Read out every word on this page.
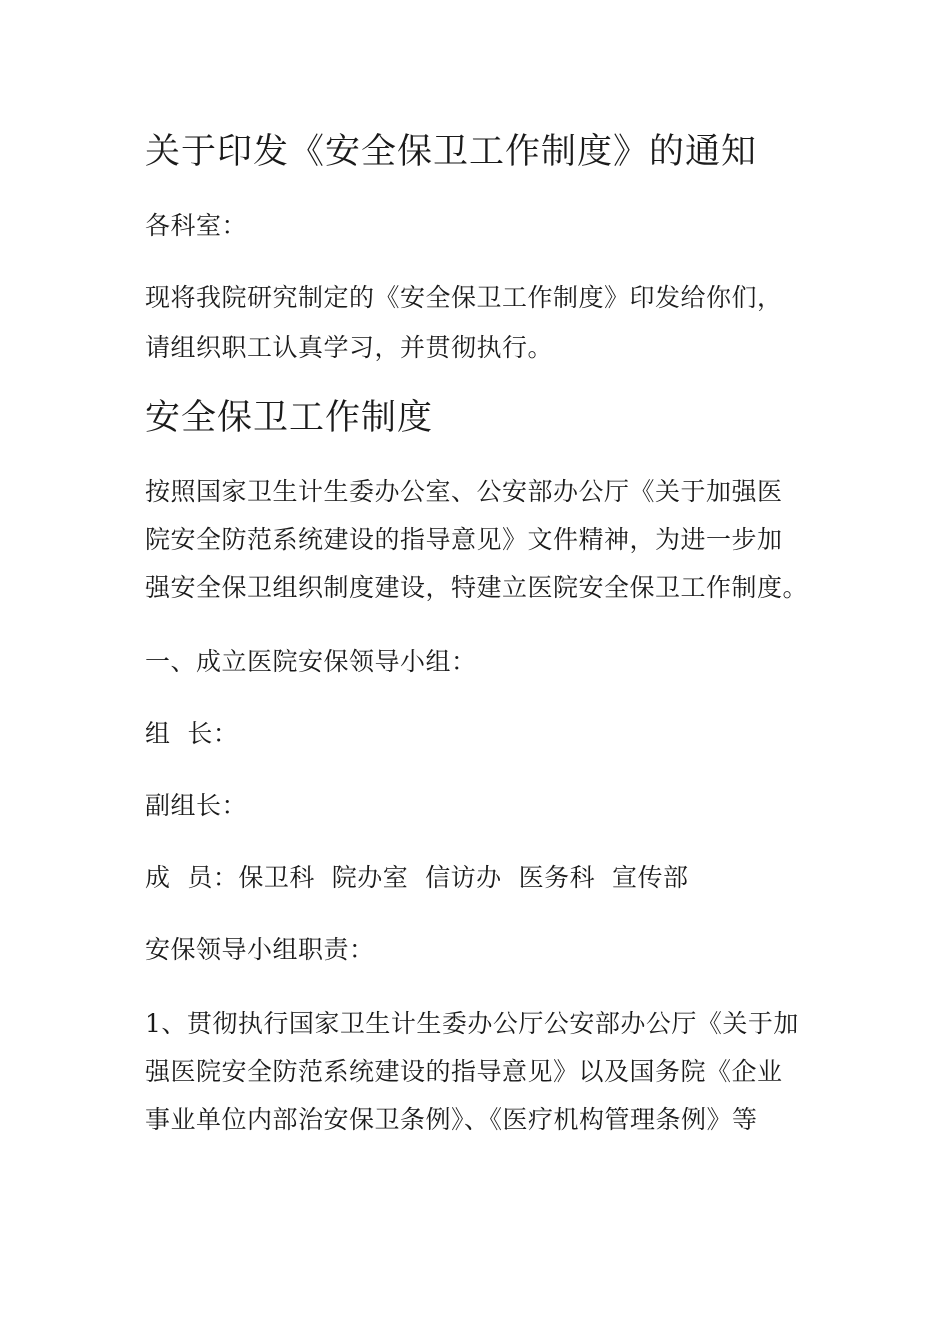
关于印发《安全保卫工作制度》的通知
各科室：
现将我院研究制定的《安全保卫工作制度》印发给你们，
请组织职工认真学习，并贯彻执行。
安全保卫工作制度
按照国家卫生计生委办公室、公安部办公厅《关于加强医
院安全防范系统建设的指导意见》文件精神，为进一步加
强安全保卫组织制度建设，特建立医院安全保卫工作制度。
一、成立医院安保领导小组：
组  长：
副组长：
成  员：保卫科  院办室  信访办  医务科  宣传部
安保领导小组职责：
1、贯彻执行国家卫生计生委办公厅公安部办公厅《关于加
强医院安全防范系统建设的指导意见》以及国务院《企业
事业单位内部治安保卫条例》、《医疗机构管理条例》等
